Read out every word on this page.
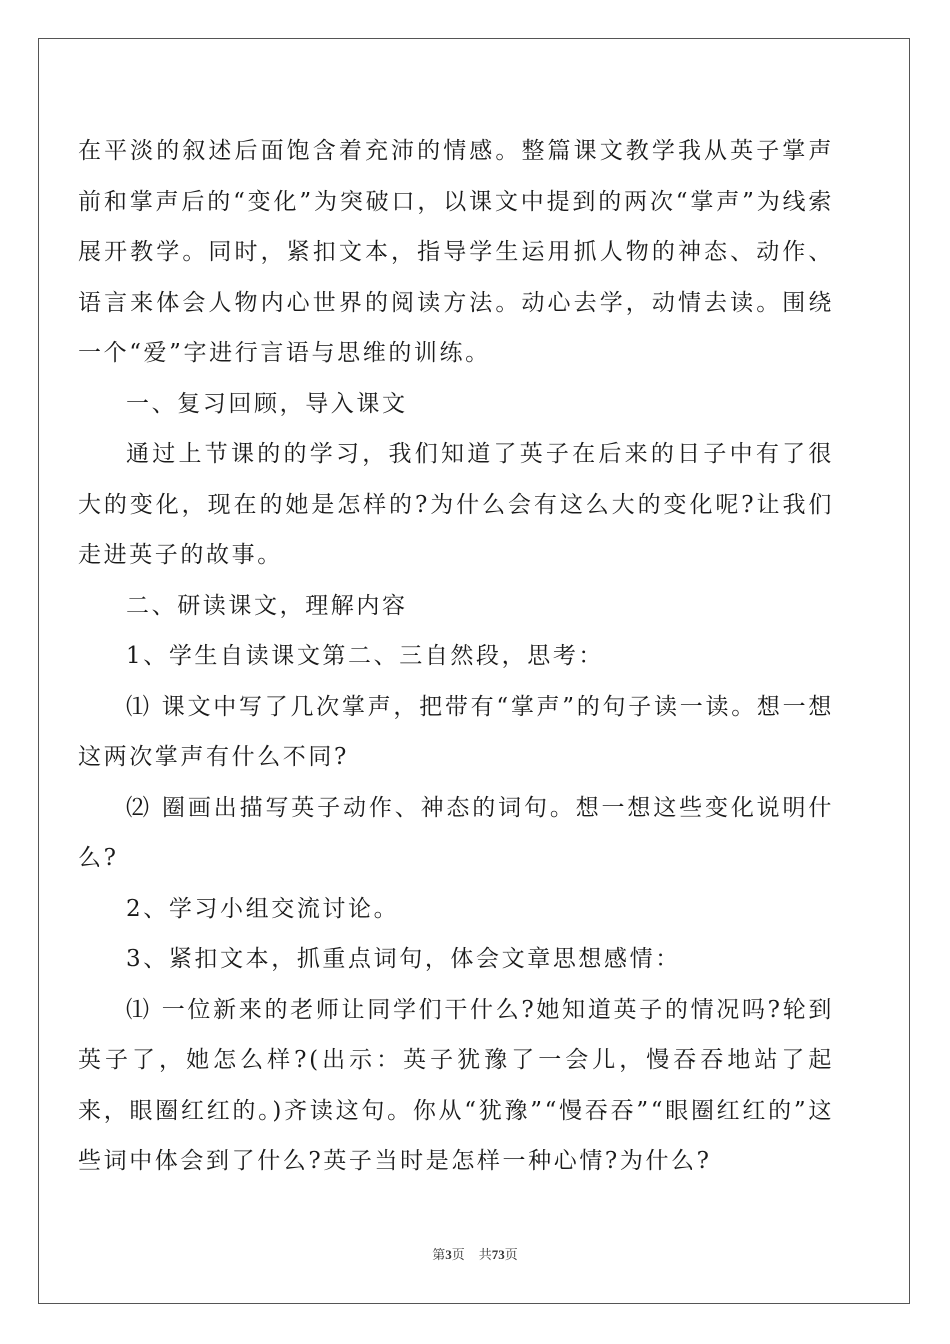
在平淡的叙述后面饱含着充沛的情感。整篇课文教学我从英子掌声前和掌声后的“变化”为突破口，以课文中提到的两次“掌声”为线索展开教学。同时，紧扣文本，指导学生运用抓人物的神态、动作、语言来体会人物内心世界的阅读方法。动心去学，动情去读。围绕一个“爱”字进行言语与思维的训练。

一、复习回顾，导入课文

通过上节课的的学习，我们知道了英子在后来的日子中有了很大的变化，现在的她是怎样的?为什么会有这么大的变化呢?让我们走进英子的故事。

二、研读课文，理解内容

1、学生自读课文第二、三自然段，思考：

⑴ 课文中写了几次掌声，把带有“掌声”的句子读一读。想一想这两次掌声有什么不同?

⑵ 圈画出描写英子动作、神态的词句。想一想这些变化说明什么?

2、学习小组交流讨论。

3、紧扣文本，抓重点词句，体会文章思想感情：

⑴ 一位新来的老师让同学们干什么?她知道英子的情况吗?轮到英子了，她怎么样?(出示：英子犹豫了一会儿，慢吞吞地站了起来，眼圈红红的。)齐读这句。你从“犹豫”“慢吞吞”“眼圈红红的”这些词中体会到了什么?英子当时是怎样一种心情?为什么?

第3页 共73页
